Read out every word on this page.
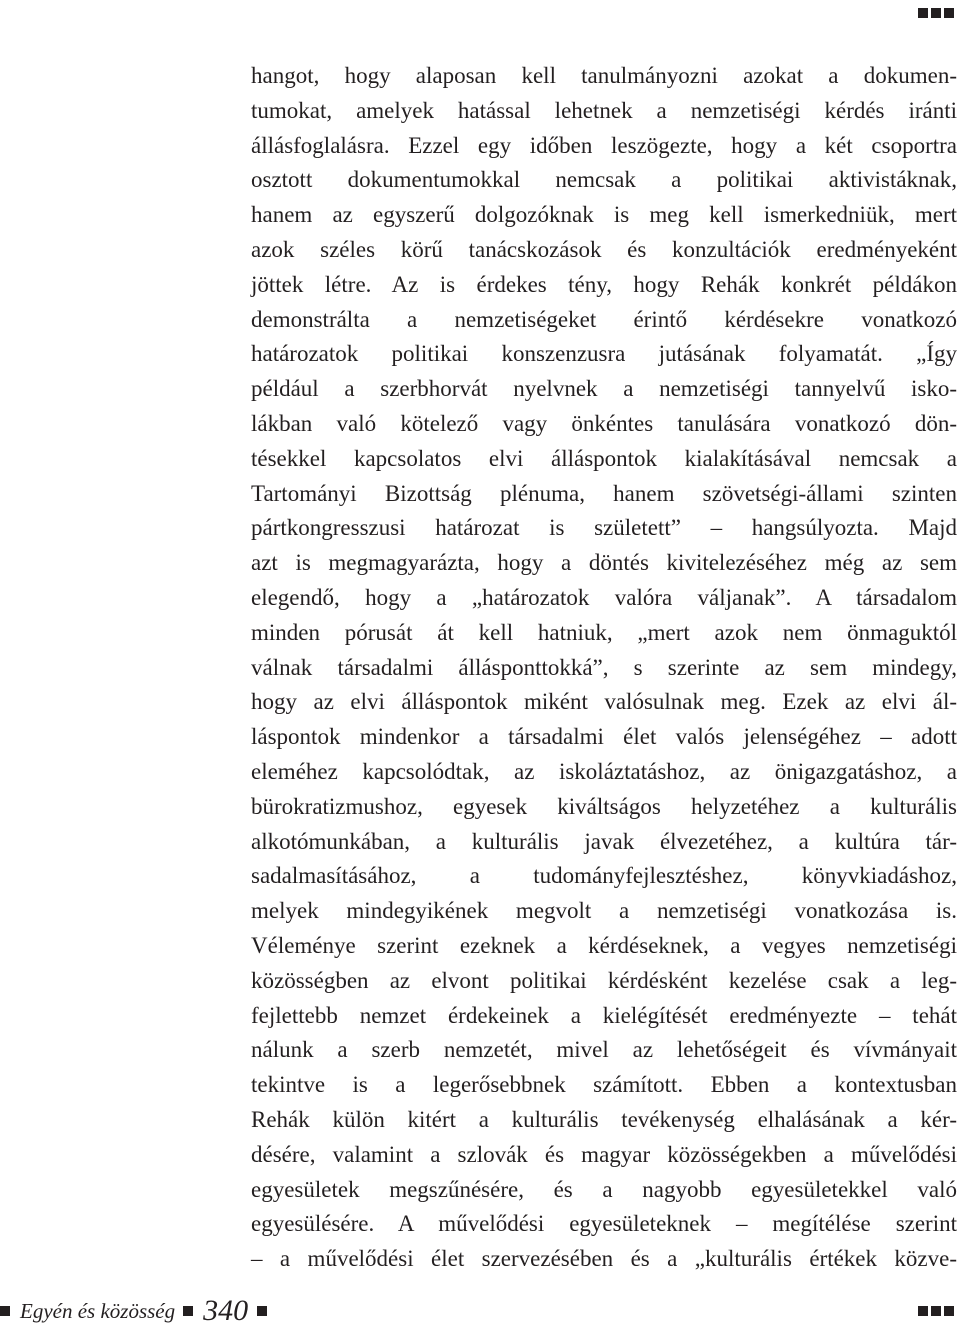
hangot, hogy alaposan kell tanulmányozni azokat a dokumen-
tumokat, amelyek hatással lehetnek a nemzetiségi kérdés iránti
állásfoglalásra. Ezzel egy időben leszögezte, hogy a két csoportra
osztott dokumentumokkal nemcsak a politikai aktivistáknak,
hanem az egyszerű dolgozóknak is meg kell ismerkedniük, mert
azok széles körű tanácskozások és konzultációk eredményeként
jöttek létre. Az is érdekes tény, hogy Rehák konkrét példákon
demonstrálta a nemzetiségeket érintő kérdésekre vonatkozó
határozatok politikai konszenzusra jutásának folyamatát. „Így
például a szerbhorvát nyelvnek a nemzetiségi tannyelvű isko-
lákban való kötelező vagy önkéntes tanulására vonatkozó dön-
tésekkel kapcsolatos elvi álláspontok kialakításával nemcsak a
Tartományi Bizottság plénuma, hanem szövetségi-állami szinten
pártkongresszusi határozat is született” – hangsúlyozta. Majd
azt is megmagyarázta, hogy a döntés kivitelezéséhez még az sem
elegendő, hogy a „határozatok valóra váljanak”. A társadalom
minden pórusát át kell hatniuk, „mert azok nem önmaguktól
válnak társadalmi állásponttokká”, s szerinte az sem mindegy,
hogy az elvi álláspontok miként valósulnak meg. Ezek az elvi ál-
láspontok mindenkor a társadalmi élet valós jelenségéhez – adott
eleméhez kapcsolódtak, az iskoláztatáshoz, az önigazgatáshoz, a
bürokratizmushoz, egyesek kiváltságos helyzetéhez a kulturális
alkotómunkában, a kulturális javak élvezetéhez, a kultúra tár-
sadalmasításához, a tudományfejlesztéshez, könyvkiadáshoz,
melyek mindegyikének megvolt a nemzetiségi vonatkozása is.
Véleménye szerint ezeknek a kérdéseknek, a vegyes nemzetiségi
közösségben az elvont politikai kérdésként kezelése csak a leg-
fejlettebb nemzet érdekeinek a kielégítését eredményezte – tehát
nálunk a szerb nemzetét, mivel az lehetőségeit és vívmányait
tekintve is a legerősebbnek számított. Ebben a kontextusban
Rehák külön kitért a kulturális tevékenység elhalásának a kér-
désére, valamint a szlovák és magyar közösségekben a művelődési
egyesületek megszűnésére, és a nagyobb egyesületekkel való
egyesülésére. A művelődési egyesületeknek – megítélése szerint
– a művelődési élet szervezésében és a „kulturális értékek közve-
Egyén és közösség 340
